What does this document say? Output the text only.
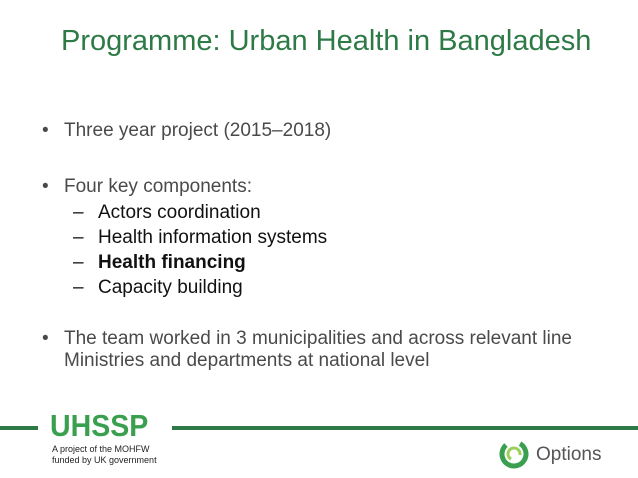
Programme: Urban Health in Bangladesh
• Three year project (2015–2018)
• Four key components:
– Actors coordination
– Health information systems
– Health financing
– Capacity building
• The team worked in 3 municipalities and across relevant line Ministries and departments at national level
UHSSP
A project of the MOHFW
funded by UK government	Options
